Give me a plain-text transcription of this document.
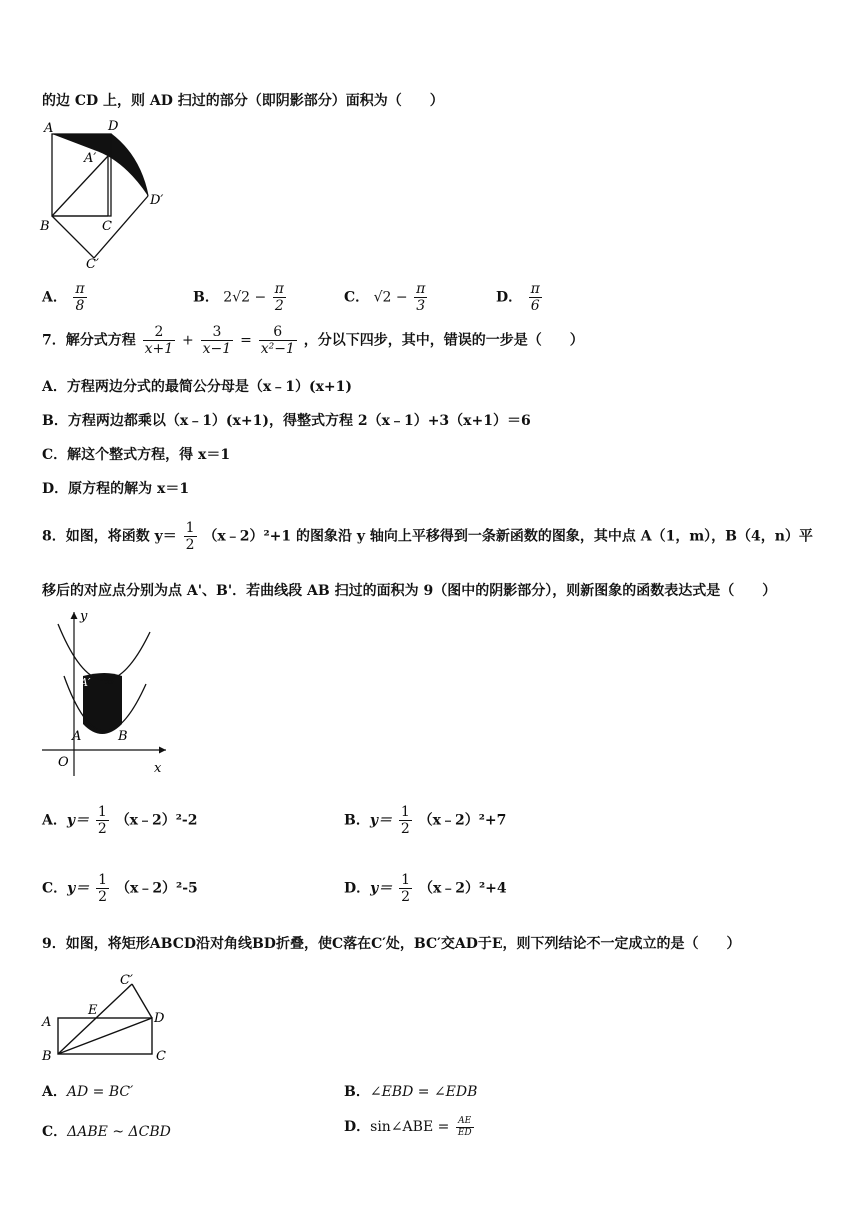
的边 CD 上，则 AD 扫过的部分（即阴影部分）面积为（　　）
A	D
A′
D′
B	C
C′
A． $\frac{\pi}{8}$	B． $2√2 - \frac{\pi}{2}$	C． $√2 - \frac{\pi}{3}$	D． $\frac{\pi}{6}$
7．解分式方程 $\frac{2}{x+1} + \frac{3}{x-1} = \frac{6}{\text{x²−1}}$ ，分以下四步，其中，错误的一步是（　　）
A．方程两边分式的最简公分母是（x﹣1）(x+1)
B．方程两边都乘以（x﹣1）(x+1)，得整式方程 2（x﹣1）+3（x+1）＝6
C．解这个整式方程，得 x＝1
D．原方程的解为 x＝1
8．如图，将函数 $y= \frac{1}{2}$ （x﹣2）²+1 的图象沿 y 轴向上平移得到一条新函数的图象，其中点 A（1，m），B（4，n）平
移后的对应点分别为点 A'、B'．若曲线段 AB 扫过的面积为 9（图中的阴影部分），则新图象的函数表达式是（　　）
A′ B′
A	B
O	x
y
A．$y= \frac{1}{2}$ （x﹣2）²-2	B．$y= \frac{1}{2}$ （x﹣2）²+7
C．$y= \frac{1}{2}$ （x﹣2）²-5	D．$y= \frac{1}{2}$ （x﹣2）²+4
9．如图，将矩形ABCD沿对角线BD折叠，使C落在C′处，BC′交AD于E，则下列结论不一定成立的是（　　）
A
B	C
D
E
C′
A．AD = BC′	B．∠EBD = ∠EDB
C．ΔABE ~ ΔCBD	D．sin∠ABE = $\frac{AE}{ED}$
